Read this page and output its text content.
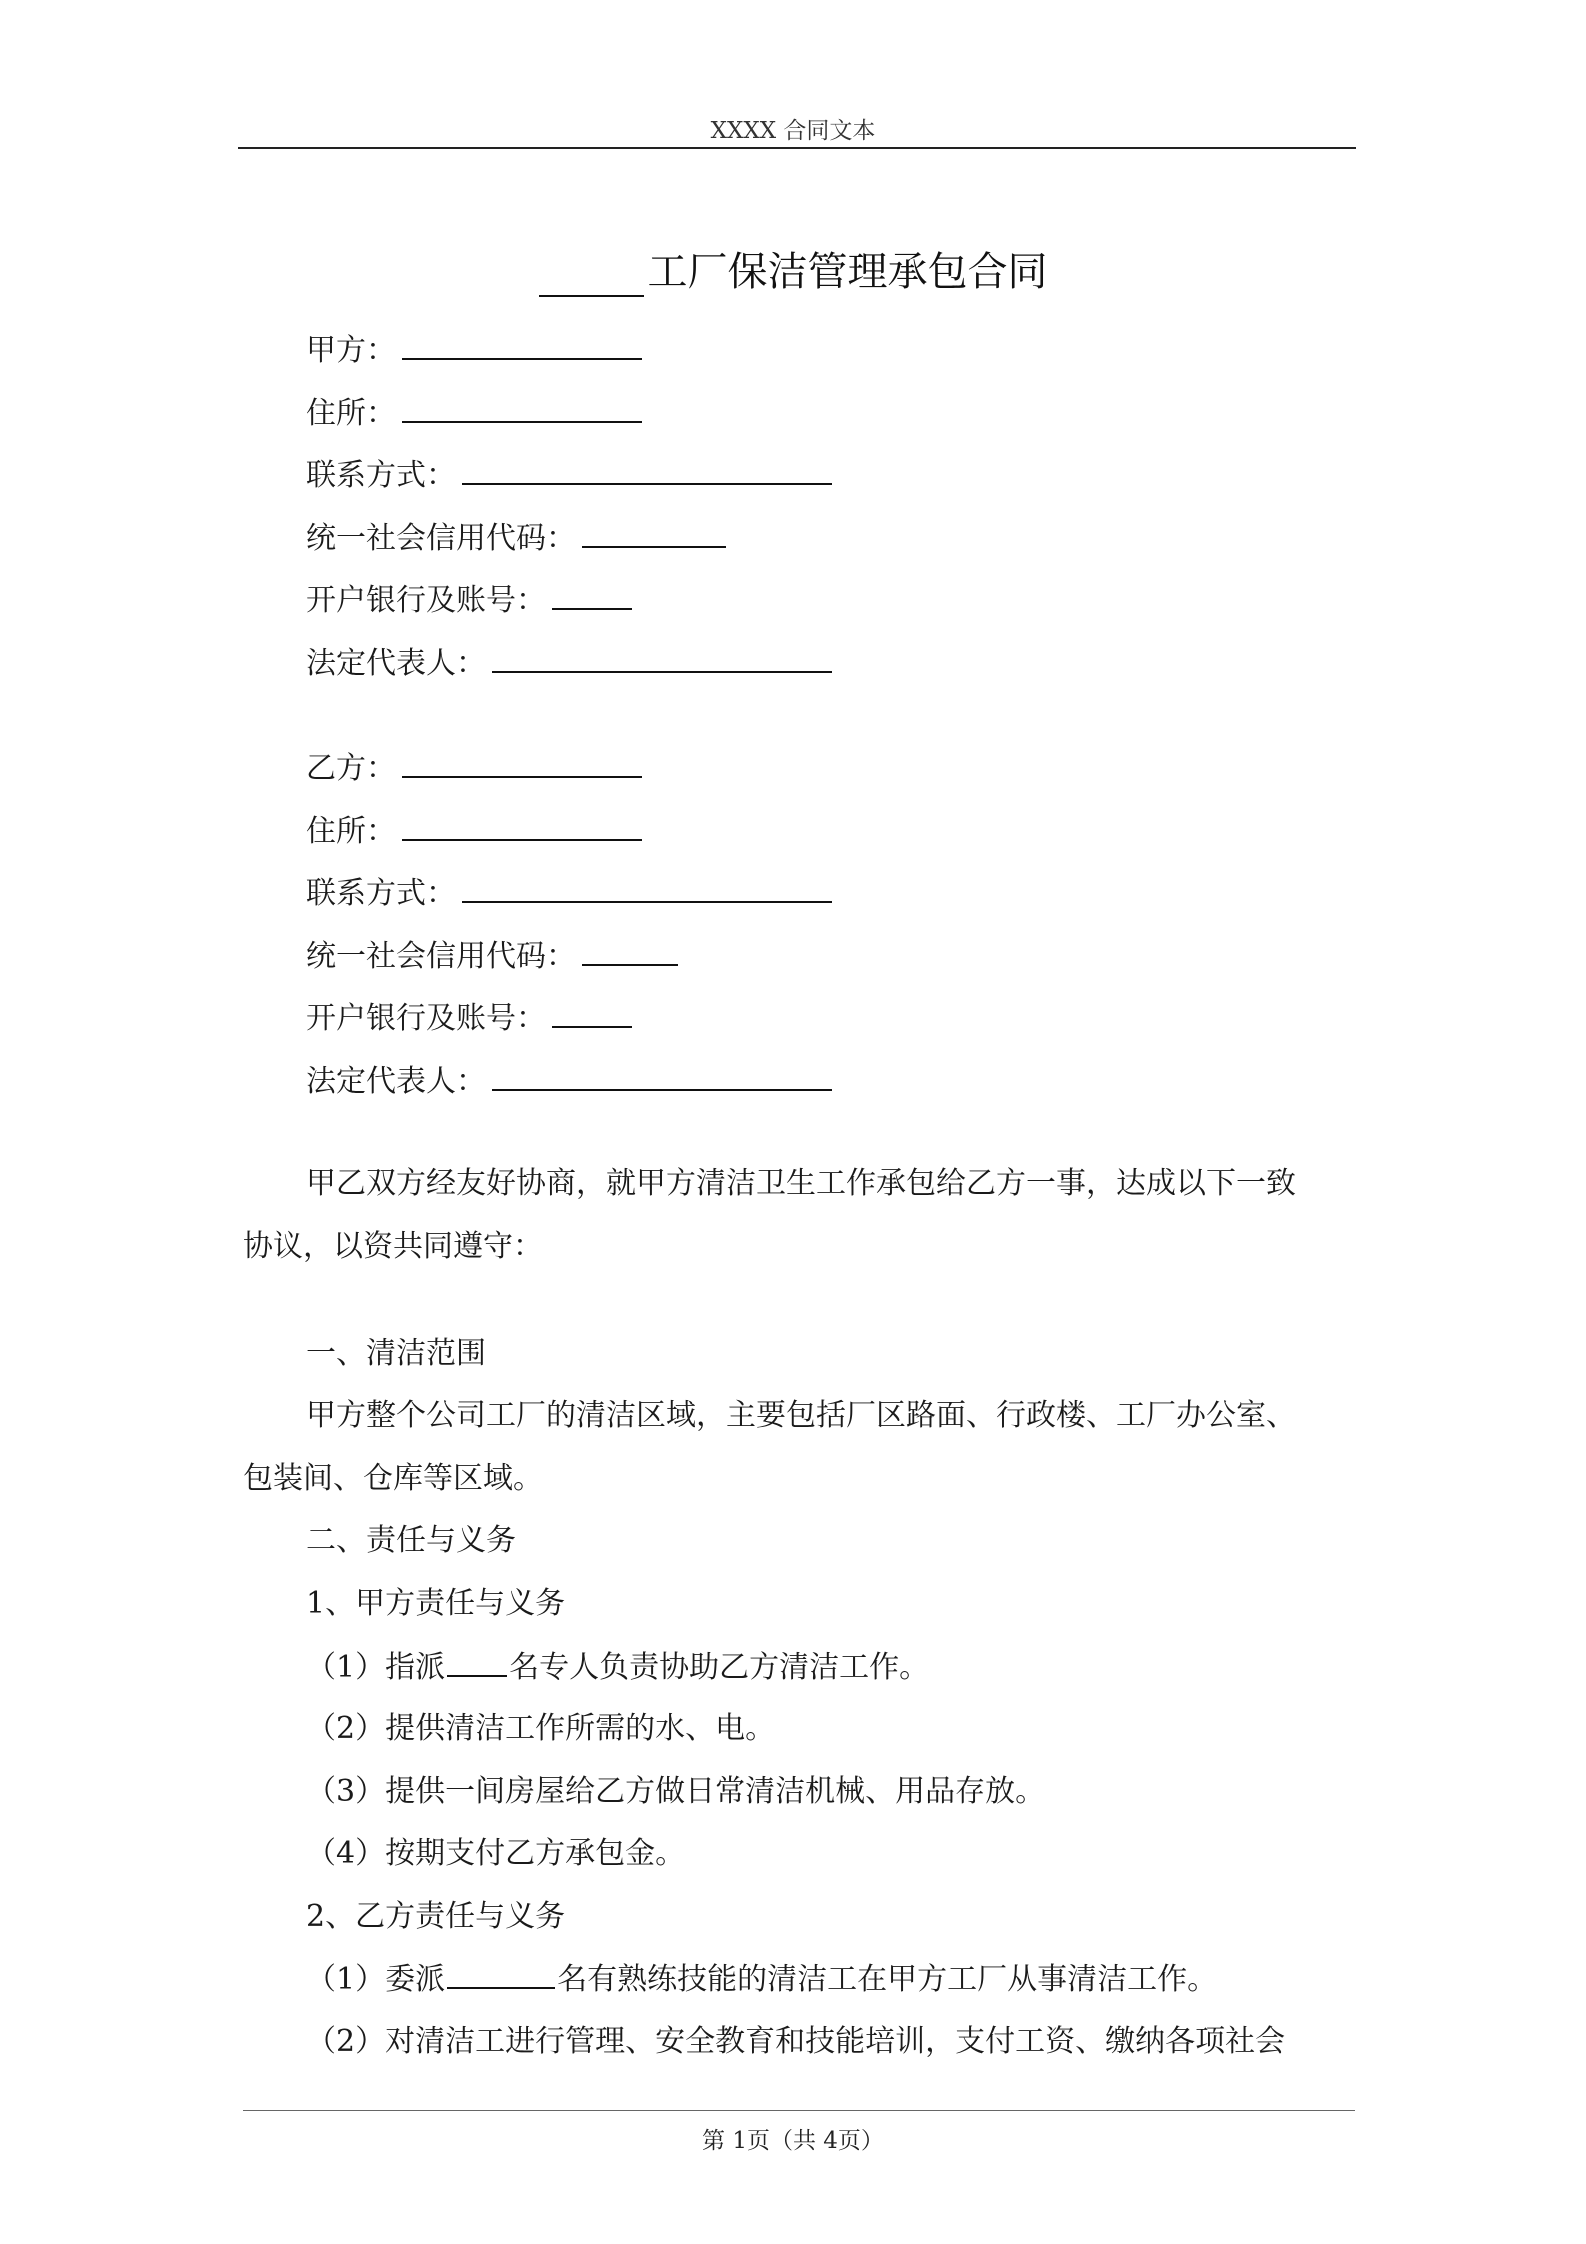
XXXX 合同文本
工厂保洁管理承包合同
甲方：
住所：
联系方式：
统一社会信用代码：
开户银行及账号：
法定代表人：
乙方：
住所：
联系方式：
统一社会信用代码：
开户银行及账号：
法定代表人：
甲乙双方经友好协商，就甲方清洁卫生工作承包给乙方一事，达成以下一致
协议，以资共同遵守：
一、清洁范围
甲方整个公司工厂的清洁区域，主要包括厂区路面、行政楼、工厂办公室、
包装间、仓库等区域。
二、责任与义务
1、甲方责任与义务
（1）指派 名专人负责协助乙方清洁工作。
（2）提供清洁工作所需的水、电。
（3）提供一间房屋给乙方做日常清洁机械、用品存放。
（4）按期支付乙方承包金。
2、乙方责任与义务
（1）委派	名有熟练技能的清洁工在甲方工厂从事清洁工作。
（2）对清洁工进行管理、安全教育和技能培训，支付工资、缴纳各项社会
第 1页（共 4页）
